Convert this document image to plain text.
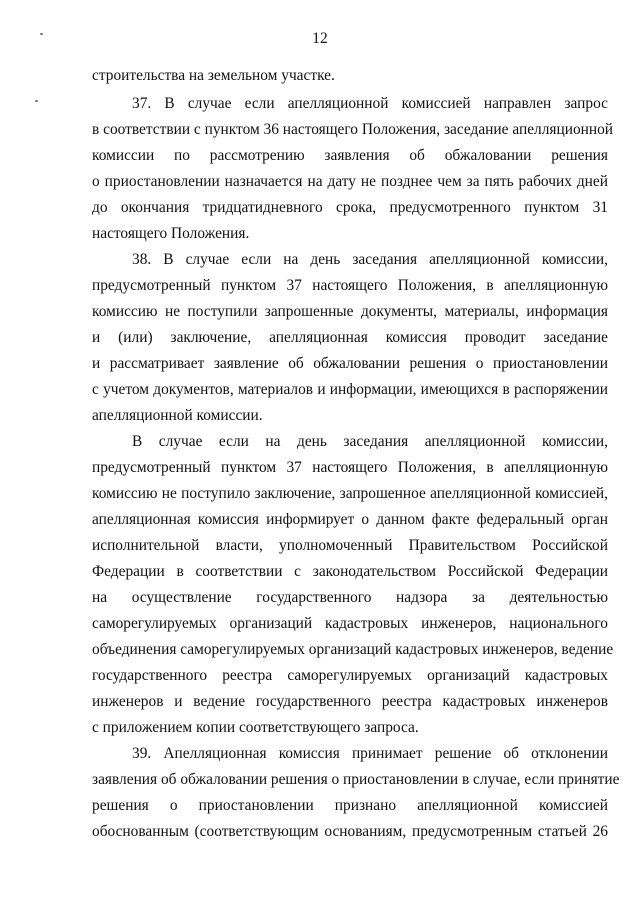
12
строительства на земельном участке.
37. В случае если апелляционной комиссией направлен запрос
в соответствии с пунктом 36 настоящего Положения, заседание апелляционной
комиссии по рассмотрению заявления об обжаловании решения
о приостановлении назначается на дату не позднее чем за пять рабочих дней
до окончания тридцатидневного срока, предусмотренного пунктом 31
настоящего Положения.
38. В случае если на день заседания апелляционной комиссии,
предусмотренный пунктом 37 настоящего Положения, в апелляционную
комиссию не поступили запрошенные документы, материалы, информация
и (или) заключение, апелляционная комиссия проводит заседание
и рассматривает заявление об обжаловании решения о приостановлении
с учетом документов, материалов и информации, имеющихся в распоряжении
апелляционной комиссии.
В случае если на день заседания апелляционной комиссии,
предусмотренный пунктом 37 настоящего Положения, в апелляционную
комиссию не поступило заключение, запрошенное апелляционной комиссией,
апелляционная комиссия информирует о данном факте федеральный орган
исполнительной власти, уполномоченный Правительством Российской
Федерации в соответствии с законодательством Российской Федерации
на осуществление государственного надзора за деятельностью
саморегулируемых организаций кадастровых инженеров, национального
объединения саморегулируемых организаций кадастровых инженеров, ведение
государственного реестра саморегулируемых организаций кадастровых
инженеров и ведение государственного реестра кадастровых инженеров
с приложением копии соответствующего запроса.
39. Апелляционная комиссия принимает решение об отклонении
заявления об обжаловании решения о приостановлении в случае, если принятие
решения о приостановлении признано апелляционной комиссией
обоснованным (соответствующим основаниям, предусмотренным статьей 26
